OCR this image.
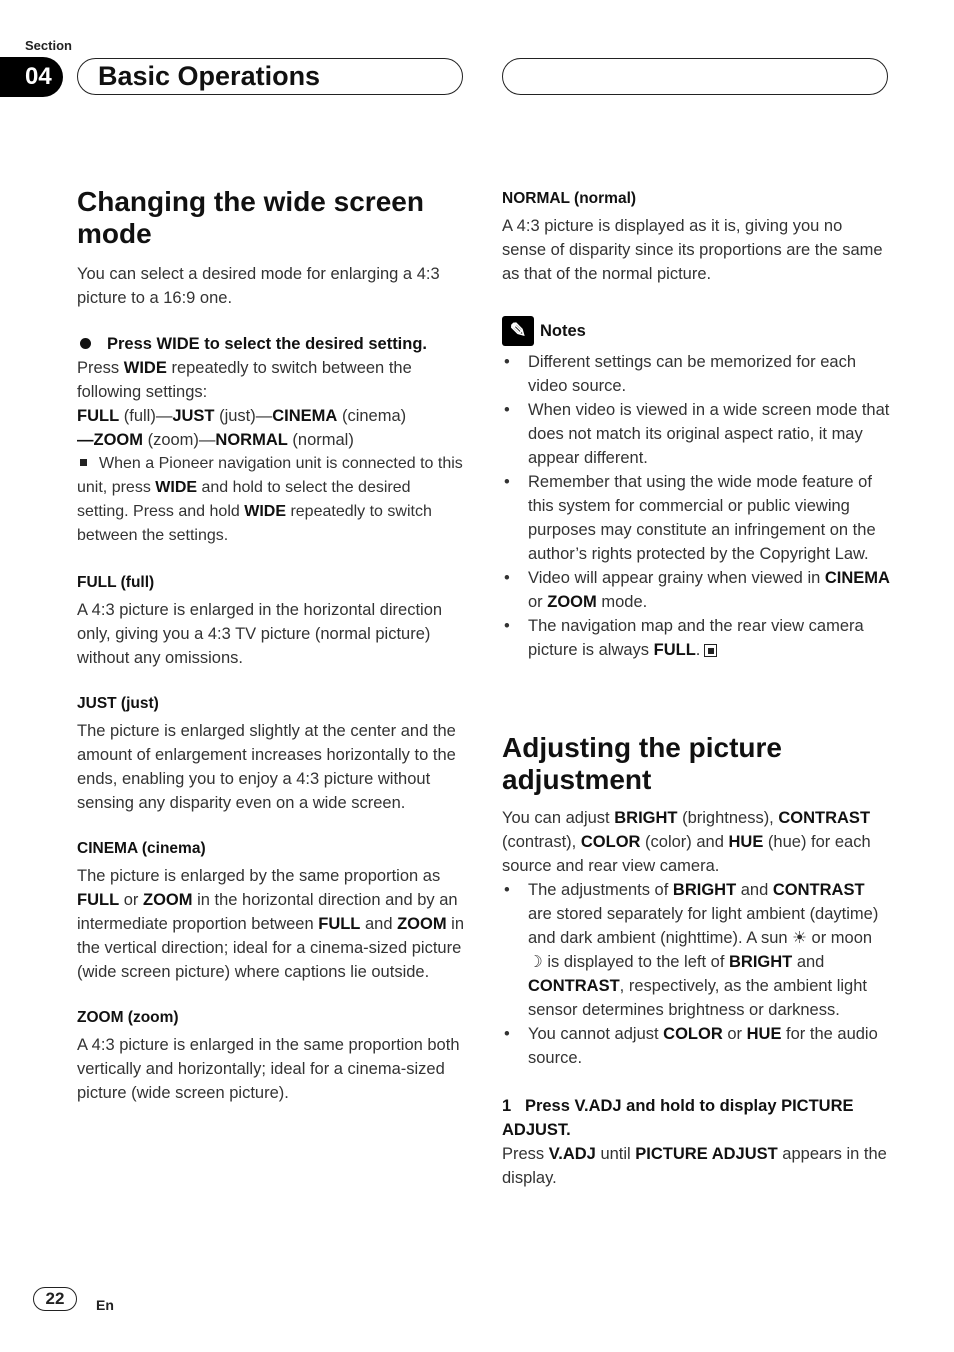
Section
04	Basic Operations
Changing the wide screen mode

You can select a desired mode for enlarging a 4:3 picture to a 16:9 one.

Press WIDE to select the desired setting.

Press WIDE repeatedly to switch between the following settings:

FULL (full)—JUST (just)—CINEMA (cinema)
—ZOOM (zoom)—NORMAL (normal)

When a Pioneer navigation unit is connected to this unit, press WIDE and hold to select the desired setting. Press and hold WIDE repeatedly to switch between the settings.

FULL (full)

A 4:3 picture is enlarged in the horizontal direction only, giving you a 4:3 TV picture (normal picture) without any omissions.

JUST (just)

The picture is enlarged slightly at the center and the amount of enlargement increases horizontally to the ends, enabling you to enjoy a 4:3 picture without sensing any disparity even on a wide screen.

CINEMA (cinema)

The picture is enlarged by the same proportion as FULL or ZOOM in the horizontal direction and by an intermediate proportion between FULL and ZOOM in the vertical direction; ideal for a cinema-sized picture (wide screen picture) where captions lie outside.

ZOOM (zoom)

A 4:3 picture is enlarged in the same proportion both vertically and horizontally; ideal for a cinema-sized picture (wide screen picture).

NORMAL (normal)

A 4:3 picture is displayed as it is, giving you no sense of disparity since its proportions are the same as that of the normal picture.

✎ Notes
• Different settings can be memorized for each video source.
• When video is viewed in a wide screen mode that does not match its original aspect ratio, it may appear different.
• Remember that using the wide mode feature of this system for commercial or public viewing purposes may constitute an infringement on the author’s rights protected by the Copyright Law.
• Video will appear grainy when viewed in CINEMA or ZOOM mode.
• The navigation map and the rear view camera picture is always FULL.
Adjusting the picture adjustment

You can adjust BRIGHT (brightness), CONTRAST (contrast), COLOR (color) and HUE (hue) for each source and rear view camera.

• The adjustments of BRIGHT and CONTRAST are stored separately for light ambient (daytime) and dark ambient (nighttime). A sun ☀ or moon ☽ is displayed to the left of BRIGHT and CONTRAST, respectively, as the ambient light sensor determines brightness or darkness.
• You cannot adjust COLOR or HUE for the audio source.

1 Press V.ADJ and hold to display PICTURE ADJUST.

Press V.ADJ until PICTURE ADJUST appears in the display.

22	En
